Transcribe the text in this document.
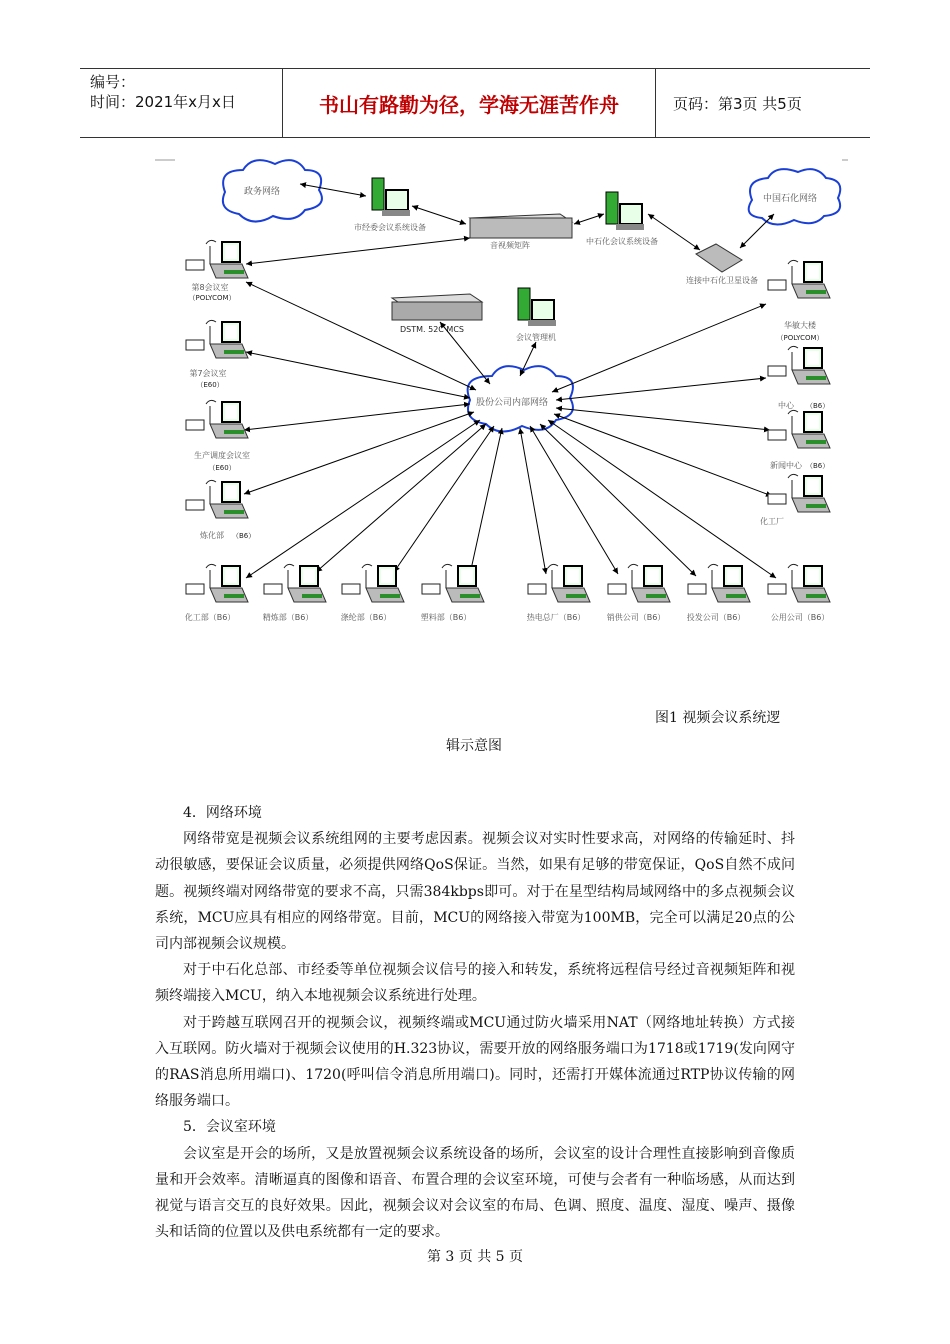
编号：
时间：2021年x月x日	书山有路勤为径，学海无涯苦作舟	页码：第3页 共5页
政务网络
中国石化网络
股份公司内部网络
市经委会议系统设备
音视频矩阵	中石化会议系统设备
连接中石化卫星设备
DSTM. 52C MCS
会议管理机
第8会议室
（POLYCOM）
第7会议室
（E60）
生产调度会议室
（E60）
炼化部 （B6）
华敏大楼
（POLYCOM）
中心 （B6）
新闻中心 （B6）
化工厂
化工部（B6）	精炼部（B6）	涤纶部（B6）	塑料部（B6）	热电总厂（B6）	销供公司（B6）	投发公司（B6）	公用公司（B6）
图1 视频会议系统逻
辑示意图

4．网络环境

网络带宽是视频会议系统组网的主要考虑因素。视频会议对实时性要求高，对网络的传输延时、抖动很敏感，要保证会议质量，必须提供网络QoS保证。当然，如果有足够的带宽保证，QoS自然不成问题。视频终端对网络带宽的要求不高，只需384kbps即可。对于在星型结构局域网络中的多点视频会议系统，MCU应具有相应的网络带宽。目前，MCU的网络接入带宽为100MB，完全可以满足20点的公司内部视频会议规模。

对于中石化总部、市经委等单位视频会议信号的接入和转发，系统将远程信号经过音视频矩阵和视频终端接入MCU，纳入本地视频会议系统进行处理。

对于跨越互联网召开的视频会议，视频终端或MCU通过防火墙采用NAT（网络地址转换）方式接入互联网。防火墙对于视频会议使用的H.323协议，需要开放的网络服务端口为1718或1719(发向网守的RAS消息所用端口)、1720(呼叫信令消息所用端口)。同时，还需打开媒体流通过RTP协议传输的网络服务端口。

5．会议室环境

会议室是开会的场所，又是放置视频会议系统设备的场所，会议室的设计合理性直接影响到音像质量和开会效率。清晰逼真的图像和语音、布置合理的会议室环境，可使与会者有一种临场感，从而达到视觉与语言交互的良好效果。因此，视频会议对会议室的布局、色调、照度、温度、湿度、噪声、摄像头和话筒的位置以及供电系统都有一定的要求。

第 3 页 共 5 页
